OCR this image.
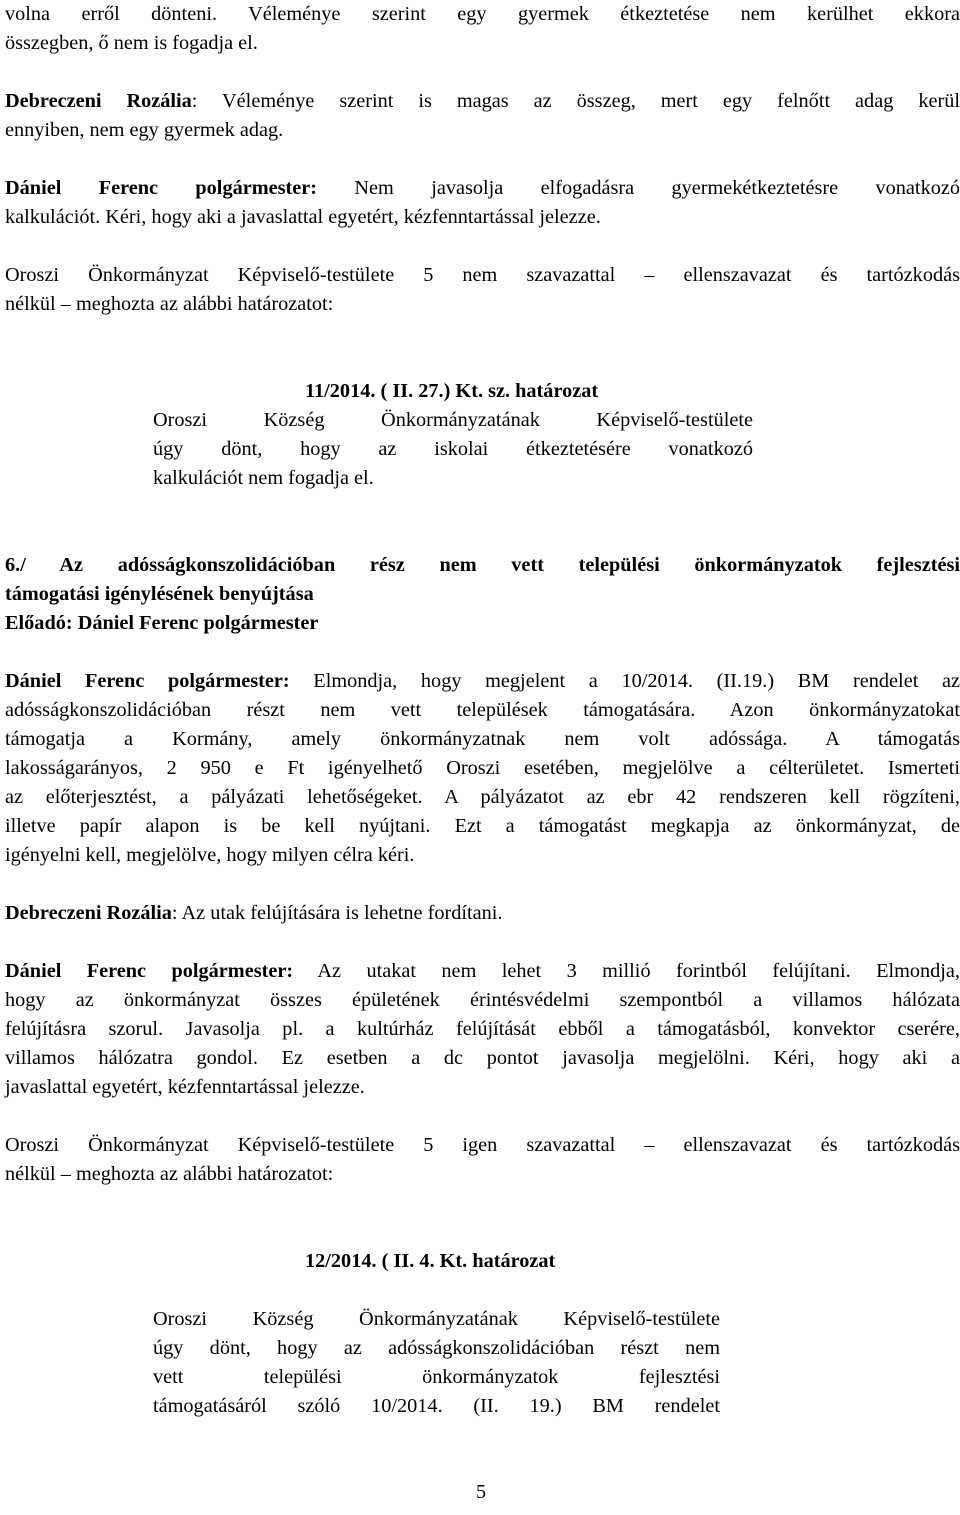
volna erről dönteni. Véleménye szerint egy gyermek étkeztetése nem kerülhet ekkora
összegben, ő nem is fogadja el.
Debreczeni Rozália: Véleménye szerint is magas az összeg, mert egy felnőtt adag kerül
ennyiben, nem egy gyermek adag.
Dániel Ferenc polgármester: Nem javasolja elfogadásra gyermekétkeztetésre vonatkozó
kalkulációt. Kéri, hogy aki a javaslattal egyetért, kézfenntartással jelezze.
Oroszi Önkormányzat Képviselő-testülete 5 nem szavazattal – ellenszavazat és tartózkodás
nélkül – meghozta az alábbi határozatot:

11/2014. ( II. 27.) Kt. sz. határozat

Oroszi Község Önkormányzatának Képviselő-testülete
úgy dönt, hogy az iskolai étkeztetésére vonatkozó
kalkulációt nem fogadja el.
6./ Az adósságkonszolidációban rész nem vett települési önkormányzatok fejlesztési
támogatási igénylésének benyújtása
Előadó: Dániel Ferenc polgármester
Dániel Ferenc polgármester: Elmondja, hogy megjelent a 10/2014. (II.19.) BM rendelet az
adósságkonszolidációban részt nem vett települések támogatására. Azon önkormányzatokat
támogatja a Kormány, amely önkormányzatnak nem volt adóssága. A támogatás
lakosságarányos, 2 950 e Ft igényelhető Oroszi esetében, megjelölve a célterületet. Ismerteti
az előterjesztést, a pályázati lehetőségeket. A pályázatot az ebr 42 rendszeren kell rögzíteni,
illetve papír alapon is be kell nyújtani. Ezt a támogatást megkapja az önkormányzat, de
igényelni kell, megjelölve, hogy milyen célra kéri.
Debreczeni Rozália: Az utak felújítására is lehetne fordítani.
Dániel Ferenc polgármester: Az utakat nem lehet 3 millió forintból felújítani. Elmondja,
hogy az önkormányzat összes épületének érintésvédelmi szempontból a villamos hálózata
felújításra szorul. Javasolja pl. a kultúrház felújítását ebből a támogatásból, konvektor cserére,
villamos hálózatra gondol. Ez esetben a dc pontot javasolja megjelölni. Kéri, hogy aki a
javaslattal egyetért, kézfenntartással jelezze.
Oroszi Önkormányzat Képviselő-testülete 5 igen szavazattal – ellenszavazat és tartózkodás
nélkül – meghozta az alábbi határozatot:

12/2014. ( II. 4. Kt. határozat

Oroszi Község Önkormányzatának Képviselő-testülete
úgy dönt, hogy az adósságkonszolidációban részt nem
vett települési önkormányzatok fejlesztési
támogatásáról szóló 10/2014. (II. 19.) BM rendelet
5
